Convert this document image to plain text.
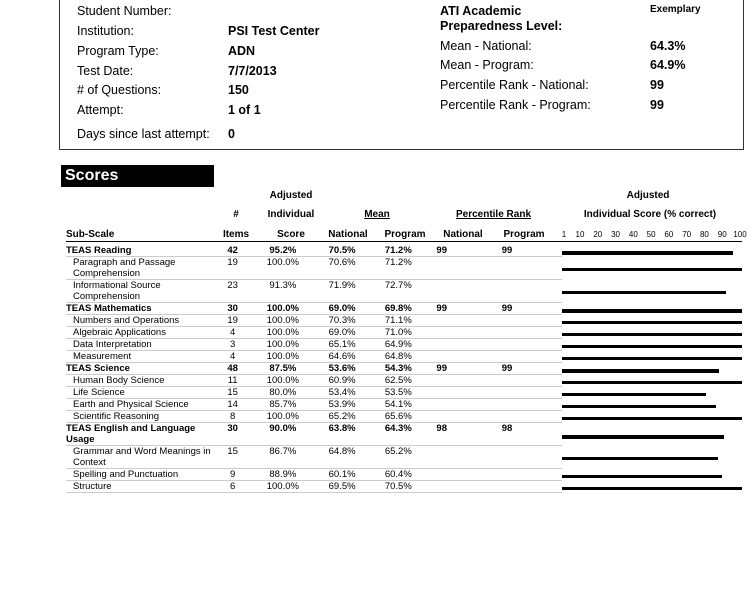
Student Number:
Institution:	PSI Test Center
Program Type:	ADN
Test Date:	7/7/2013
# of Questions:	150
Attempt:	1 of 1
Days since last attempt: 0
ATI Academic
Preparedness Level:
Exemplary
Mean - National:	64.3%
Mean - Program:	64.9%
Percentile Rank - National:	99
Percentile Rank - Program:	99
Scores
Adjusted
#	Individual	Mean	Percentile Rank
Adjusted
Individual Score (% correct)
Sub-Scale	Items	Score	National	Program	National	Program	1 10 20 30 40 50 60 70 80 90 100
TEAS Reading	42	95.2%	70.5%	71.2%	99	99

Paragraph and Passage Comprehension	19	100.0%	70.6%	71.2%		

Informational Source Comprehension	23	91.3%	71.9%	72.7%		
TEAS Mathematics	30	100.0%	69.0%	69.8%	99	99

Numbers and Operations	19	100.0%	70.3%	71.1%		

Algebraic Applications	4	100.0%	69.0%	71.0%		

Data Interpretation	3	100.0%	65.1%	64.9%		

Measurement	4	100.0%	64.6%	64.8%		
TEAS Science	48	87.5%	53.6%	54.3%	99	99

Human Body Science	11	100.0%	60.9%	62.5%		

Life Science	15	80.0%	53.4%	53.5%		

Earth and Physical Science	14	85.7%	53.9%	54.1%		

Scientific Reasoning	8	100.0%	65.2%	65.6%		
TEAS English and Language Usage	30	90.0%	63.8%	64.3%	98	98

Grammar and Word Meanings in Context	15	86.7%	64.8%	65.2%		

Spelling and Punctuation	9	88.9%	60.1%	60.4%		

Structure	6	100.0%	69.5%	70.5%		
